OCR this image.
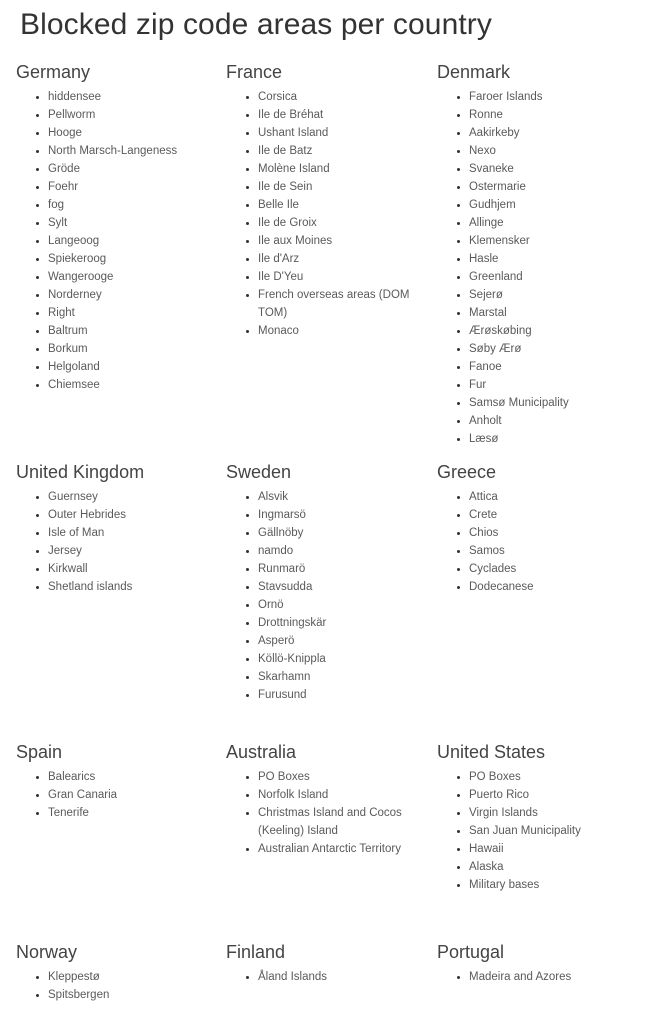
Blocked zip code areas per country
Germany
• hiddensee
• Pellworm
• Hooge
• North Marsch-Langeness
• Gröde
• Foehr
• fog
• Sylt
• Langeoog
• Spiekeroog
• Wangerooge
• Norderney
• Right
• Baltrum
• Borkum
• Helgoland
• Chiemsee
France
• Corsica
• Ile de Bréhat
• Ushant Island
• Ile de Batz
• Molène Island
• Ile de Sein
• Belle Ile
• Ile de Groix
• Ile aux Moines
• Ile d'Arz
• Ile D'Yeu
• French overseas areas (DOM TOM)
• Monaco
Denmark
• Faroer Islands
• Ronne
• Aakirkeby
• Nexo
• Svaneke
• Ostermarie
• Gudhjem
• Allinge
• Klemensker
• Hasle
• Greenland
• Sejerø
• Marstal
• Ærøskøbing
• Søby Ærø
• Fanoe
• Fur
• Samsø Municipality
• Anholt
• Læsø
United Kingdom
• Guernsey
• Outer Hebrides
• Isle of Man
• Jersey
• Kirkwall
• Shetland islands
Sweden
• Alsvik
• Ingmarsö
• Gällnöby
• namdo
• Runmarö
• Stavsudda
• Ornö
• Drottningskär
• Asperö
• Köllö-Knippla
• Skarhamn
• Furusund
Greece
• Attica
• Crete
• Chios
• Samos
• Cyclades
• Dodecanese
Spain
• Balearics
• Gran Canaria
• Tenerife
Australia
• PO Boxes
• Norfolk Island
• Christmas Island and Cocos (Keeling) Island
• Australian Antarctic Territory
United States
• PO Boxes
• Puerto Rico
• Virgin Islands
• San Juan Municipality
• Hawaii
• Alaska
• Military bases
Norway
• Kleppestø
• Spitsbergen
Finland
• Åland Islands
Portugal
• Madeira and Azores
